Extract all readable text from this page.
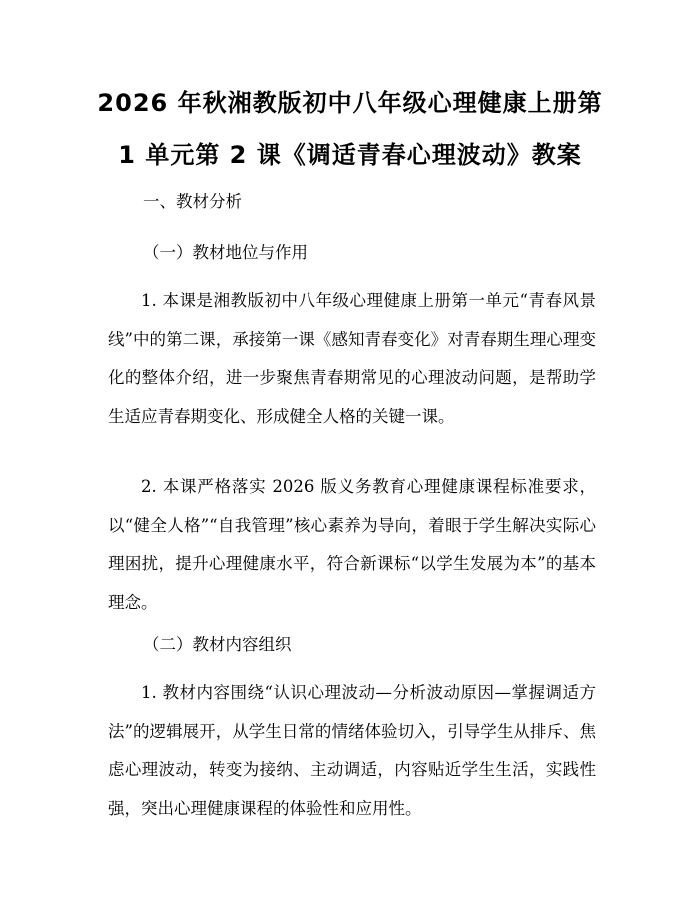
2026 年秋湘教版初中八年级心理健康上册第
1 单元第 2 课《调适青春心理波动》教案
一、教材分析
（一）教材地位与作用

1. 本课是湘教版初中八年级心理健康上册第一单元“青春风景线”中的第二课，承接第一课《感知青春变化》对青春期生理心理变化的整体介绍，进一步聚焦青春期常见的心理波动问题，是帮助学生适应青春期变化、形成健全人格的关键一课。

2. 本课严格落实 2026 版义务教育心理健康课程标准要求，以“健全人格”“自我管理”核心素养为导向，着眼于学生解决实际心理困扰，提升心理健康水平，符合新课标“以学生发展为本”的基本理念。

（二）教材内容组织

1. 教材内容围绕“认识心理波动—分析波动原因—掌握调适方法”的逻辑展开，从学生日常的情绪体验切入，引导学生从排斥、焦虑心理波动，转变为接纳、主动调适，内容贴近学生生活，实践性强，突出心理健康课程的体验性和应用性。
